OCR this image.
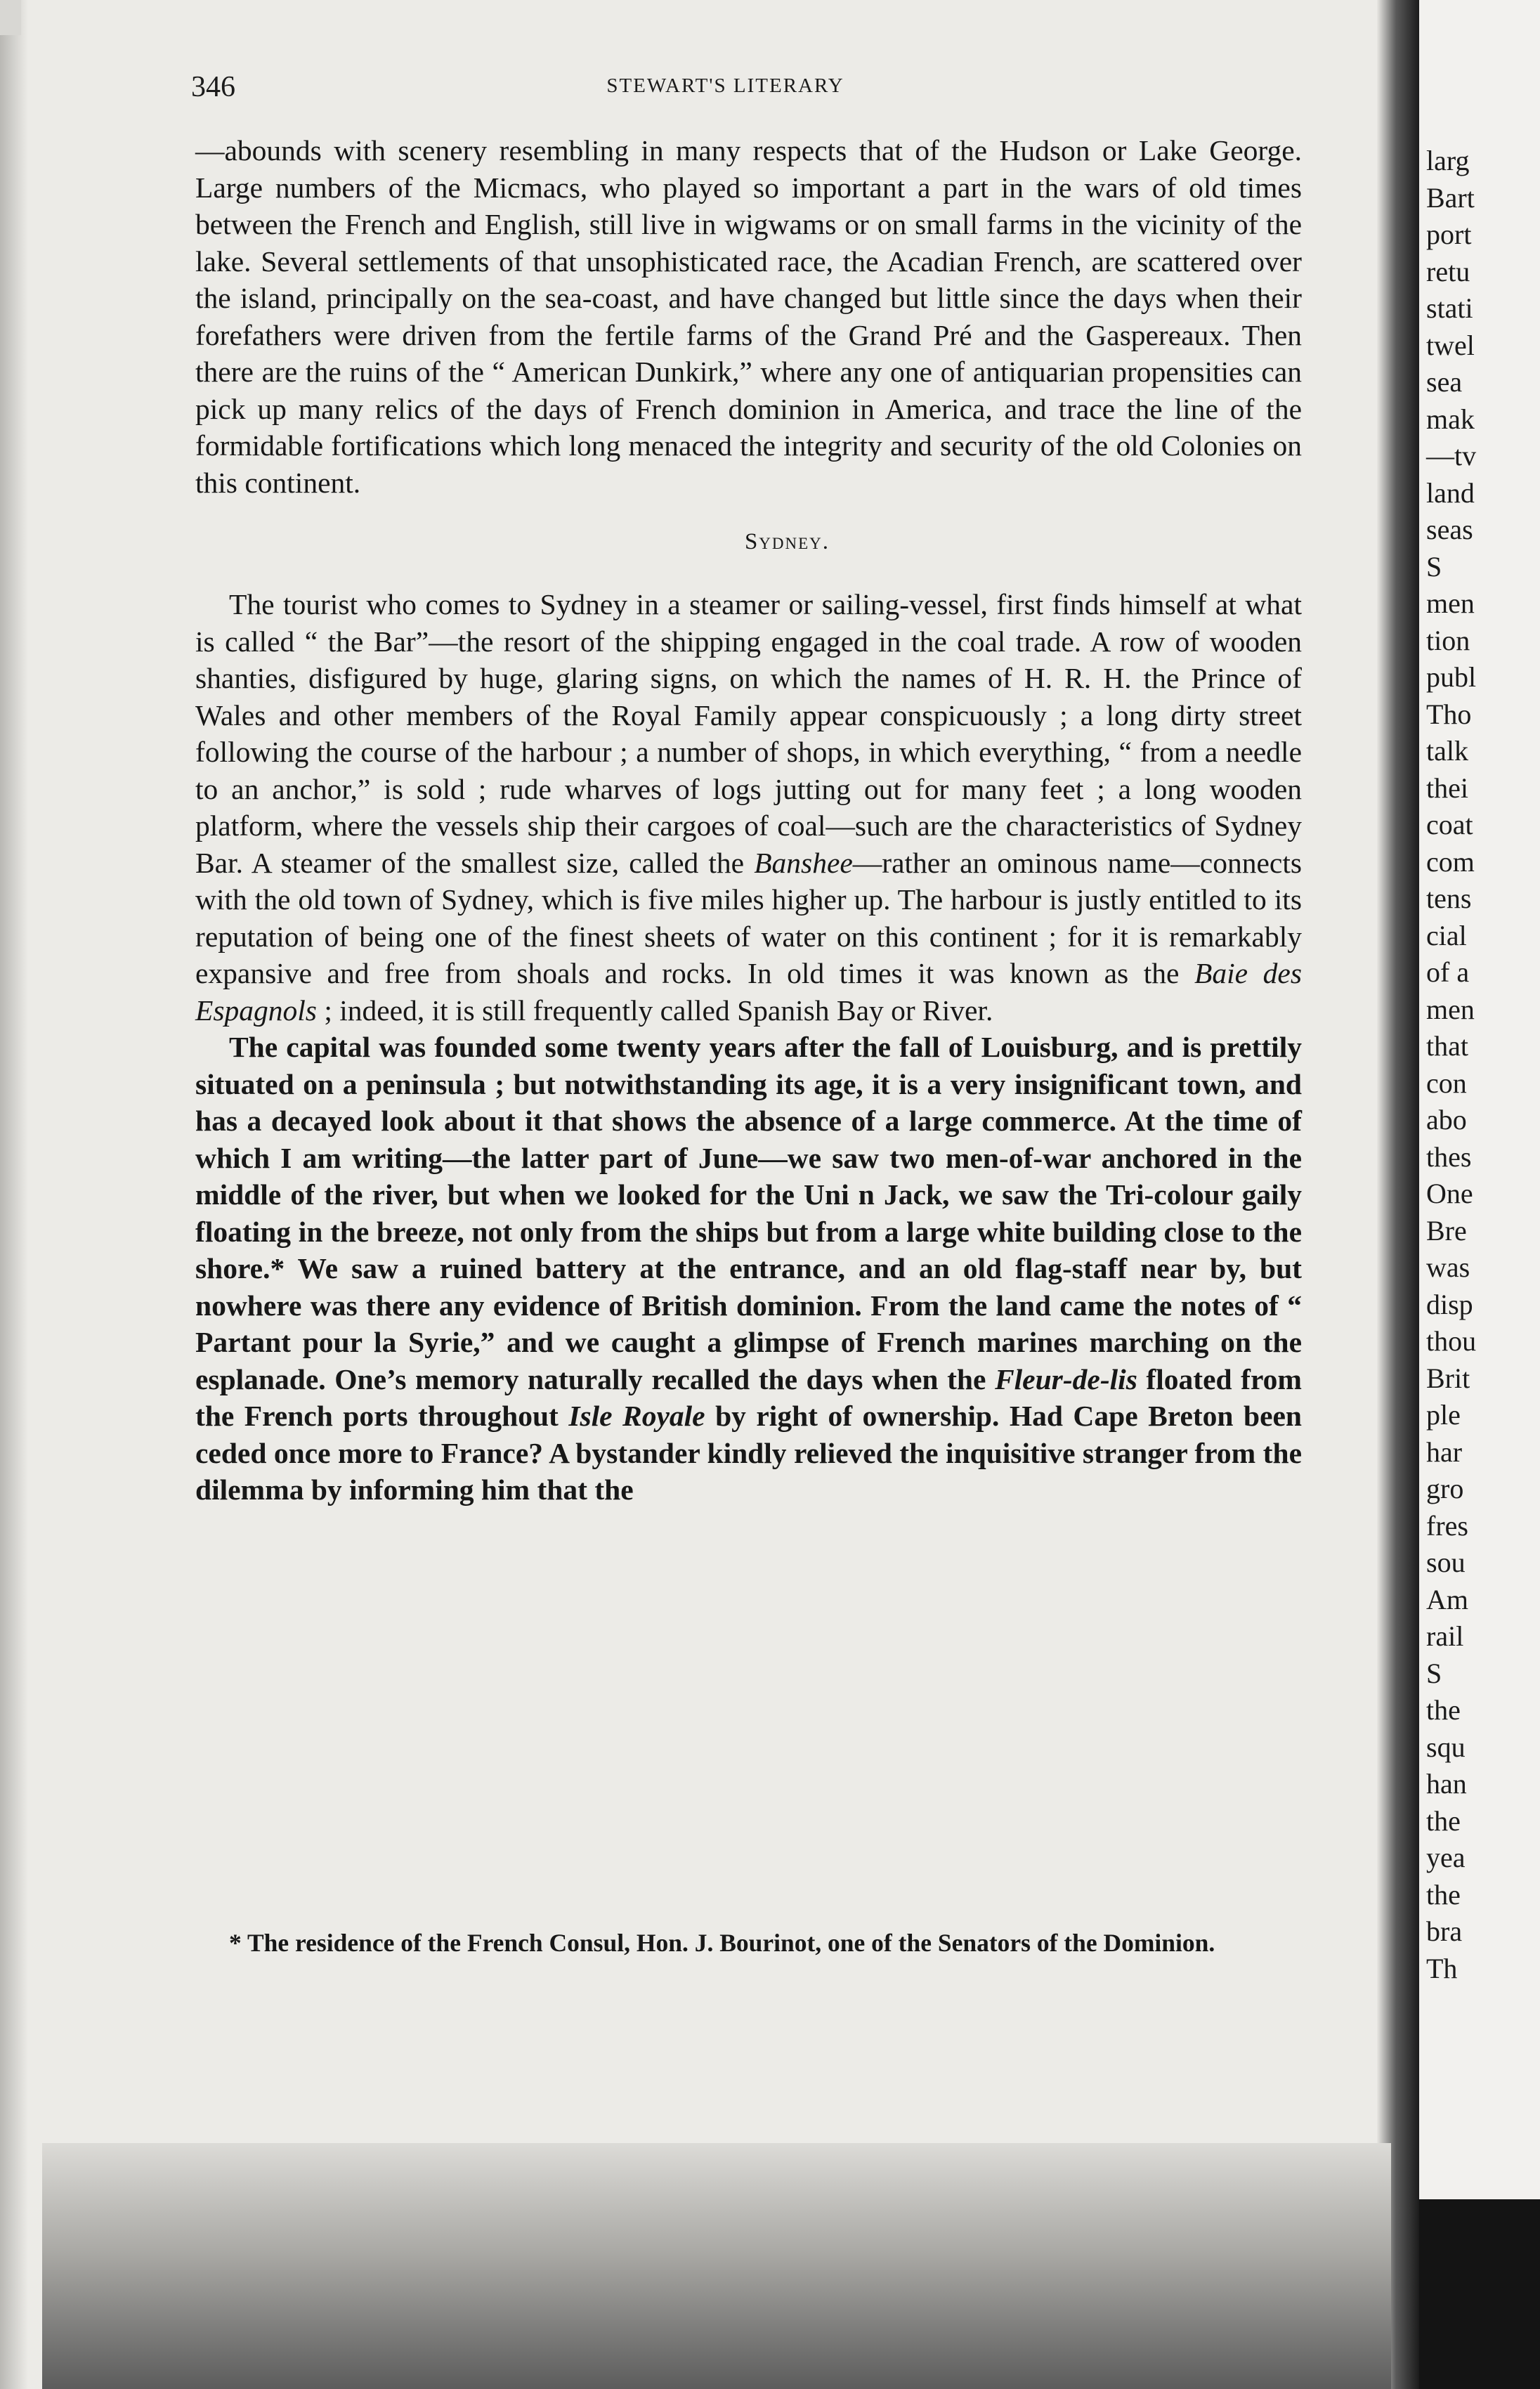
346	STEWART'S LITERARY

—abounds with scenery resembling in many respects that of the Hudson or Lake George. Large numbers of the Micmacs, who played so important a part in the wars of old times between the French and English, still live in wigwams or on small farms in the vicinity of the lake. Several settlements of that unsophisticated race, the Acadian French, are scattered over the island, principally on the sea-coast, and have changed but little since the days when their forefathers were driven from the fertile farms of the Grand Pré and the Gaspereaux. Then there are the ruins of the “ American Dunkirk,” where any one of antiquarian propensities can pick up many relics of the days of French dominion in America, and trace the line of the formidable fortifications which long menaced the integrity and security of the old Colonies on this continent.

Sydney.

The tourist who comes to Sydney in a steamer or sailing-vessel, first finds himself at what is called “ the Bar”—the resort of the shipping engaged in the coal trade. A row of wooden shanties, disfigured by huge, glaring signs, on which the names of H. R. H. the Prince of Wales and other members of the Royal Family appear conspicuously ; a long dirty street following the course of the harbour ; a number of shops, in which everything, “ from a needle to an anchor,” is sold ; rude wharves of logs jutting out for many feet ; a long wooden platform, where the vessels ship their cargoes of coal—such are the characteristics of Sydney Bar. A steamer of the smallest size, called the Banshee—rather an ominous name—connects with the old town of Sydney, which is five miles higher up. The harbour is justly entitled to its reputation of being one of the finest sheets of water on this continent ; for it is remarkably expansive and free from shoals and rocks. In old times it was known as the Baie des Espagnols ; indeed, it is still frequently called Spanish Bay or River.

The capital was founded some twenty years after the fall of Louisburg, and is prettily situated on a peninsula ; but notwithstanding its age, it is a very insignificant town, and has a decayed look about it that shows the absence of a large commerce. At the time of which I am writing—the latter part of June—we saw two men-of-war anchored in the middle of the river, but when we looked for the Uni n Jack, we saw the Tri-colour gaily floating in the breeze, not only from the ships but from a large white building close to the shore.* We saw a ruined battery at the entrance, and an old flag-staff near by, but nowhere was there any evidence of British dominion. From the land came the notes of “ Partant pour la Syrie,” and we caught a glimpse of French marines marching on the esplanade. One’s memory naturally recalled the days when the Fleur-de-lis floated from the French ports throughout Isle Royale by right of ownership. Had Cape Breton been ceded once more to France? A bystander kindly relieved the inquisitive stranger from the dilemma by informing him that the

* The residence of the French Consul, Hon. J. Bourinot, one of the Senators of the Dominion.

larg
Bart
port
retu
stati
twel
sea
mak
—tv
land
seas
S
men
tion
publ
Tho
talk
thei
coat
com
tens
cial
of a
men
that
con
abo
thes
One
Bre
was
disp
thou
Brit
ple
har
gro
fres
sou
Am
rail
S
the
squ
han
the
yea
the
bra
Th
